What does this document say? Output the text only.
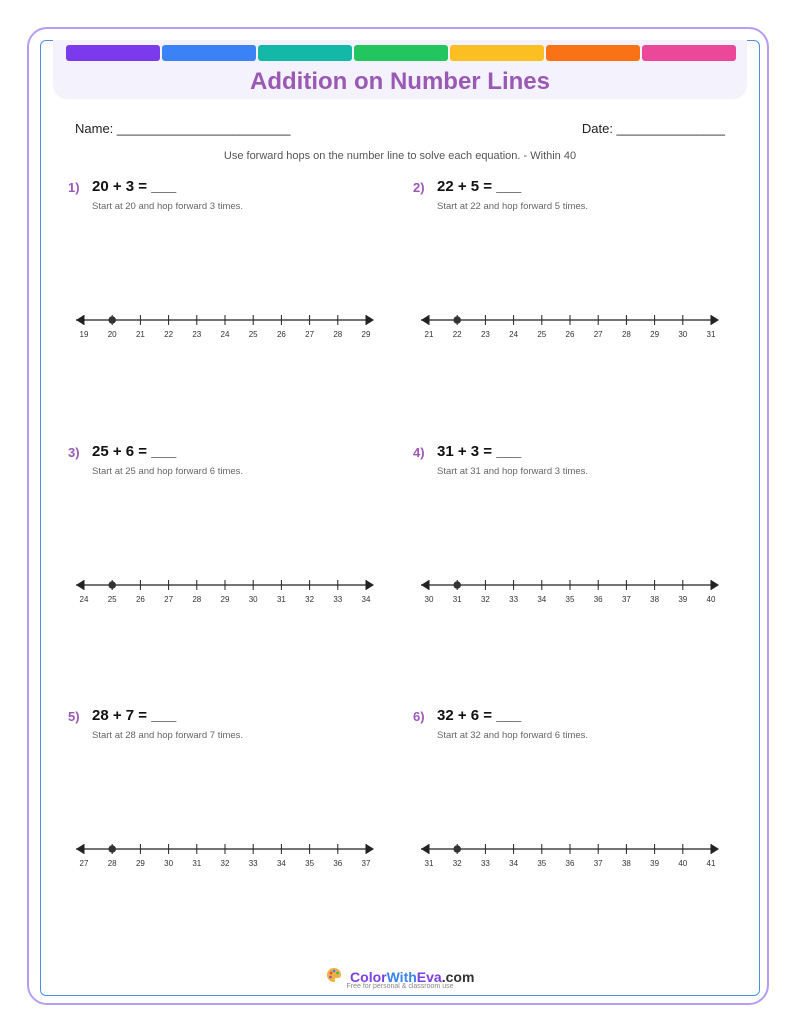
Addition on Number Lines
Name: ________________________	Date: _______________
Use forward hops on the number line to solve each equation. - Within 40
1) 20 + 3 = ___
Start at 20 and hop forward 3 times.
19 20 21 22 23 24 25 26 27 28 29
2) 22 + 5 = ___
Start at 22 and hop forward 5 times.
21 22 23 24 25 26 27 28 29 30 31
3) 25 + 6 = ___
Start at 25 and hop forward 6 times.
24 25 26 27 28 29 30 31 32 33 34
4) 31 + 3 = ___
Start at 31 and hop forward 3 times.
30 31 32 33 34 35 36 37 38 39 40
5) 28 + 7 = ___
Start at 28 and hop forward 7 times.
27 28 29 30 31 32 33 34 35 36 37
6) 32 + 6 = ___
Start at 32 and hop forward 6 times.
31 32 33 34 35 36 37 38 39 40 41
ColorWithEva.com
Free for personal & classroom use
